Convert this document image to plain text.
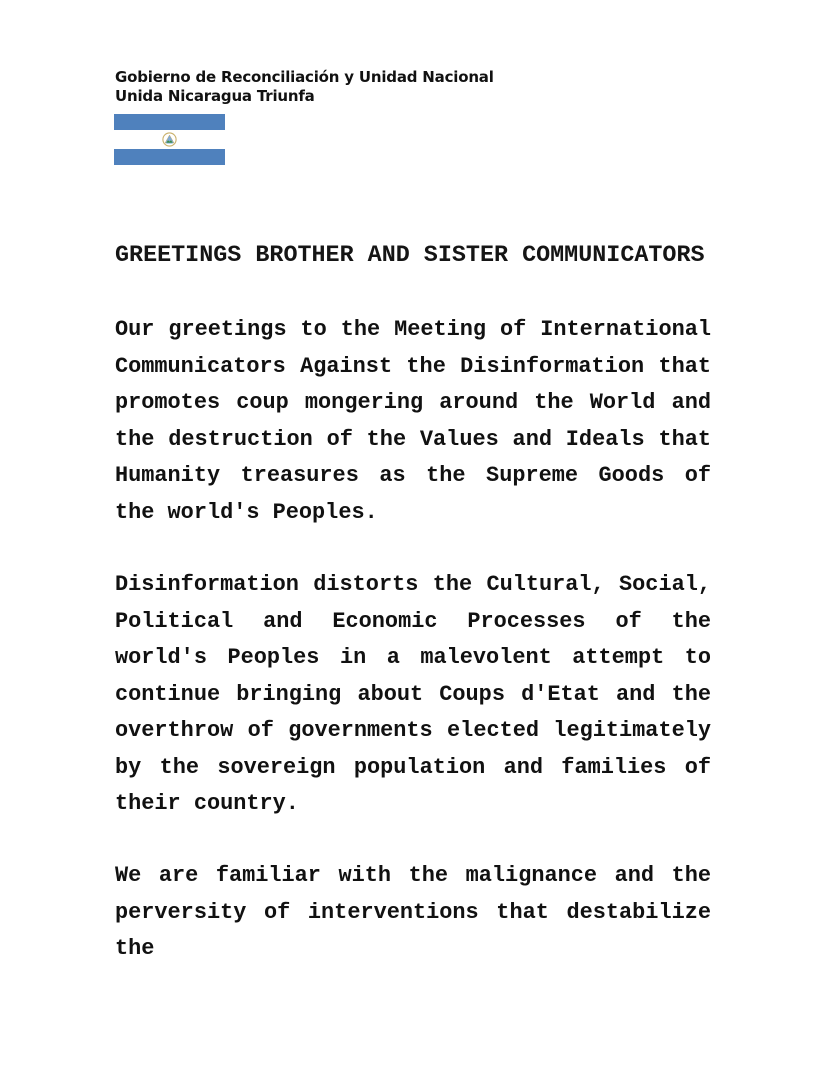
Gobierno de Reconciliación y Unidad Nacional
Unida Nicaragua Triunfa
GREETINGS BROTHER AND SISTER COMMUNICATORS

Our greetings to the Meeting of International Communicators Against the Disinformation that promotes coup mongering around the World and the destruction of the Values and Ideals that Humanity treasures as the Supreme Goods of the world's Peoples.

Disinformation distorts the Cultural, Social, Political and Economic Processes of the world's Peoples in a malevolent attempt to continue bringing about Coups d'Etat and the overthrow of governments elected legitimately by the sovereign population and families of their country.

We are familiar with the malignance and the perversity of interventions that destabilize the
